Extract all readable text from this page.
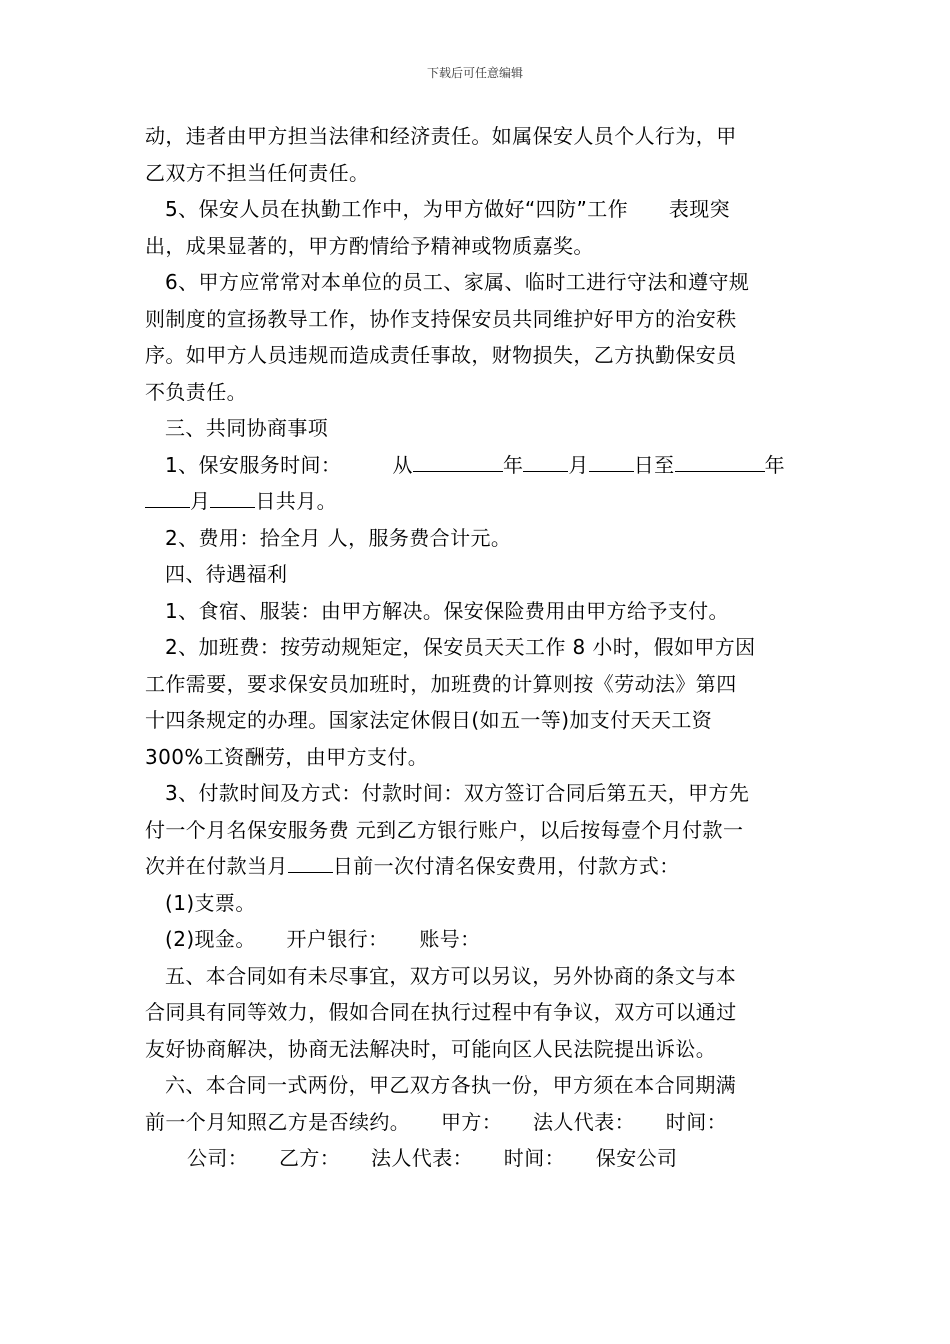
下载后可任意编辑

动，违者由甲方担当法律和经济责任。如属保安人员个人行为，甲

乙双方不担当任何责任。

5、保安人员在执勤工作中，为甲方做好“四防”工作　　表现突

出，成果显著的，甲方酌情给予精神或物质嘉奖。

6、甲方应常常对本单位的员工、家属、临时工进行守法和遵守规

则制度的宣扬教导工作，协作支持保安员共同维护好甲方的治安秩

序。如甲方人员违规而造成责任事故，财物损失，乙方执勤保安员

不负责任。

三、共同协商事项

1、保安服务时间：　　　从	年 月 日至	年

月 日共月。

2、费用：拾全月 人，服务费合计元。

四、待遇福利

1、食宿、服装：由甲方解决。保安保险费用由甲方给予支付。

2、加班费：按劳动规矩定，保安员天天工作 8 小时，假如甲方因

工作需要，要求保安员加班时，加班费的计算则按《劳动法》第四

十四条规定的办理。国家法定休假日(如五一等)加支付天天工资

300%工资酬劳，由甲方支付。

3、付款时间及方式：付款时间：双方签订合同后第五天，甲方先

付一个月名保安服务费 元到乙方银行账户，以后按每壹个月付款一

次并在付款当月 日前一次付清名保安费用，付款方式：

(1)支票。

(2)现金。　　开户银行：　　账号：

五、本合同如有未尽事宜，双方可以另议，另外协商的条文与本

合同具有同等效力，假如合同在执行过程中有争议，双方可以通过

友好协商解决，协商无法解决时，可能向区人民法院提出诉讼。

六、本合同一式两份，甲乙双方各执一份，甲方须在本合同期满

前一个月知照乙方是否续约。　　甲方：　　法人代表：　　时间：

公司：　　乙方：　　法人代表：　　时间：　　保安公司
